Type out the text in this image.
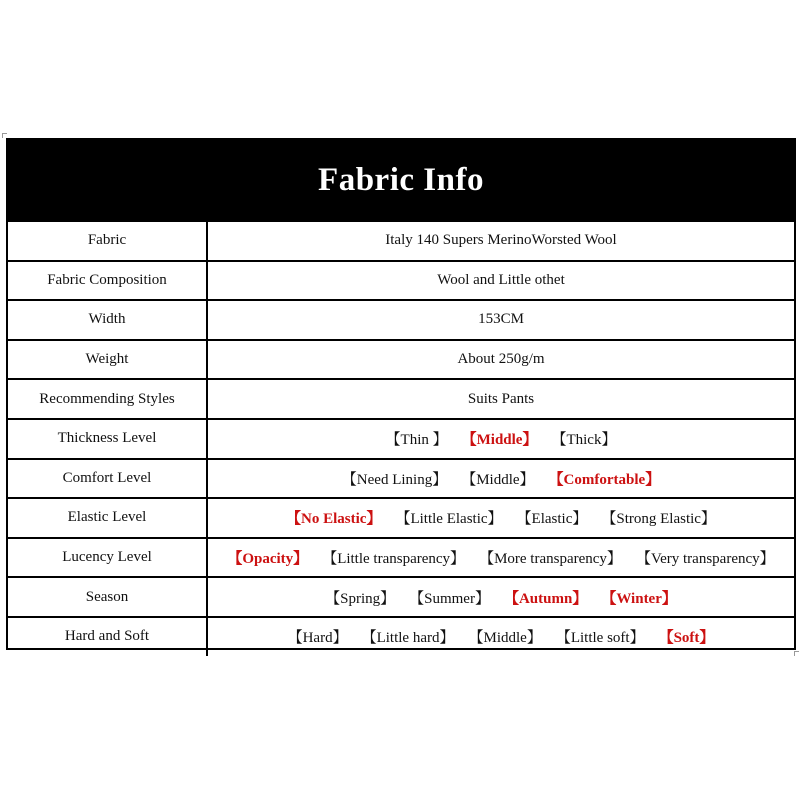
Fabric Info
Fabric	Italy 140 Supers MerinoWorsted Wool
Fabric Composition	Wool and Little othet
Width	153CM
Weight	About 250g/m
Recommending Styles	Suits Pants
Thickness Level	【Thin 】 【Middle】 【Thick】
Comfort Level	【Need Lining】 【Middle】 【Comfortable】
Elastic Level	【No Elastic】 【Little Elastic】 【Elastic】 【Strong Elastic】
Lucency Level	【Opacity】 【Little transparency】 【More transparency】 【Very transparency】
Season	【Spring】 【Summer】 【Autumn】 【Winter】
Hard and Soft	【Hard】 【Little hard】 【Middle】 【Little soft】 【Soft】
